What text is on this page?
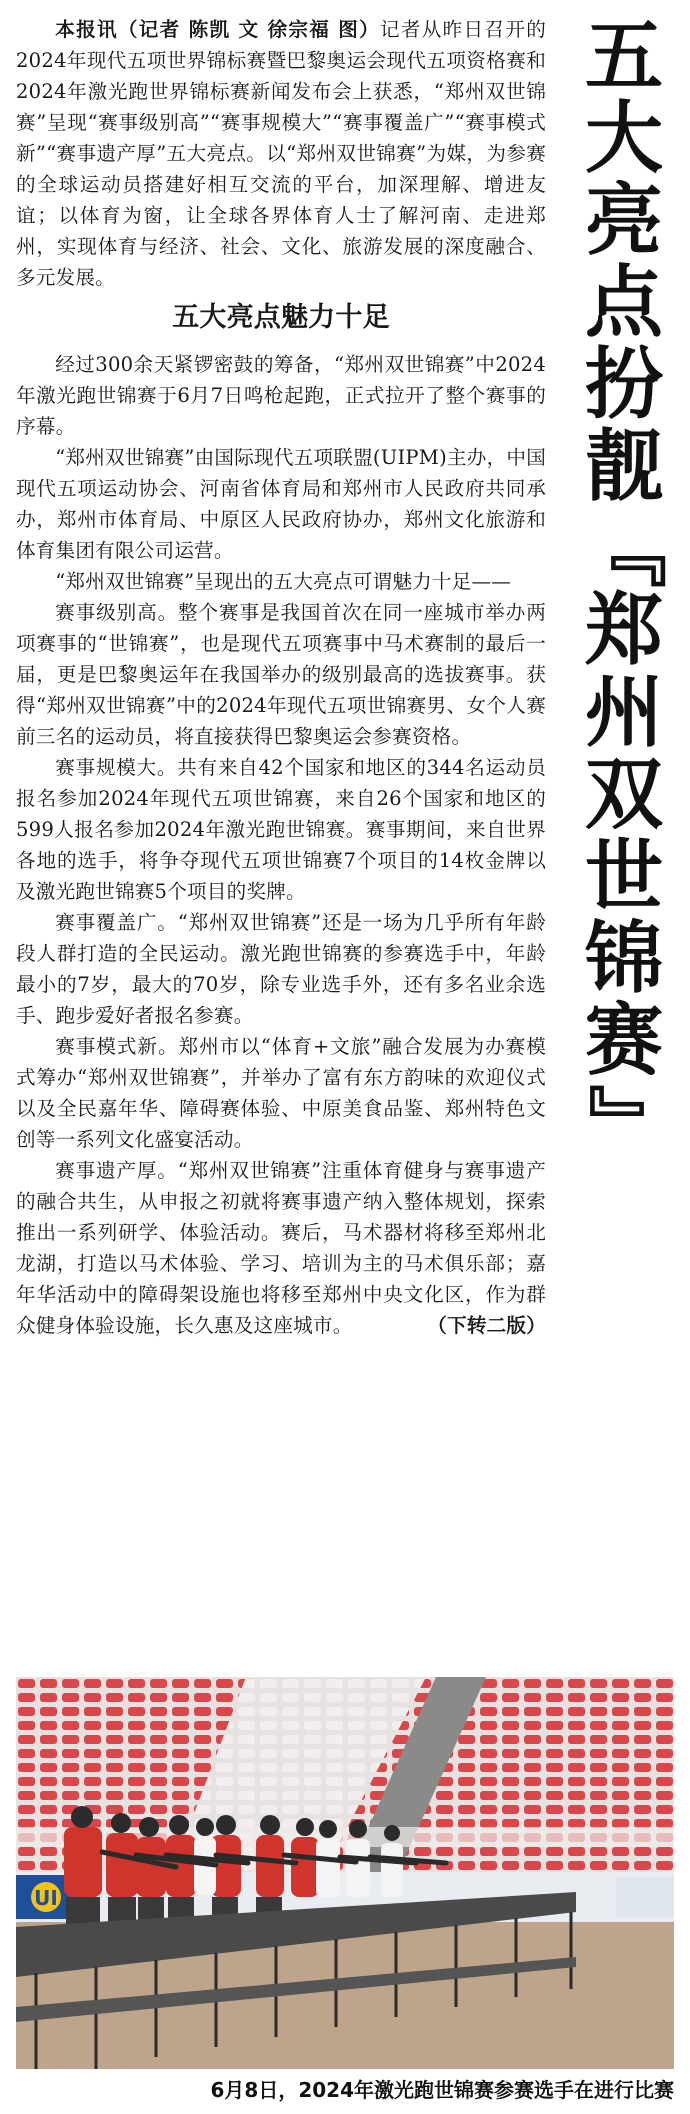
本报讯（记者 陈凯 文 徐宗福 图）记者从昨日召开的2024年现代五项世界锦标赛暨巴黎奥运会现代五项资格赛和2024年激光跑世界锦标赛新闻发布会上获悉，“郑州双世锦赛”呈现“赛事级别高”“赛事规模大”“赛事覆盖广”“赛事模式新”“赛事遗产厚”五大亮点。以“郑州双世锦赛”为媒，为参赛的全球运动员搭建好相互交流的平台，加深理解、增进友谊；以体育为窗，让全球各界体育人士了解河南、走进郑州，实现体育与经济、社会、文化、旅游发展的深度融合、多元发展。

五大亮点魅力十足

经过300余天紧锣密鼓的筹备，“郑州双世锦赛”中2024年激光跑世锦赛于6月7日鸣枪起跑，正式拉开了整个赛事的序幕。

“郑州双世锦赛”由国际现代五项联盟(UIPM)主办，中国现代五项运动协会、河南省体育局和郑州市人民政府共同承办，郑州市体育局、中原区人民政府协办，郑州文化旅游和体育集团有限公司运营。

“郑州双世锦赛”呈现出的五大亮点可谓魅力十足——

赛事级别高。整个赛事是我国首次在同一座城市举办两项赛事的“世锦赛”，也是现代五项赛事中马术赛制的最后一届，更是巴黎奥运年在我国举办的级别最高的选拔赛事。获得“郑州双世锦赛”中的2024年现代五项世锦赛男、女个人赛前三名的运动员，将直接获得巴黎奥运会参赛资格。

赛事规模大。共有来自42个国家和地区的344名运动员报名参加2024年现代五项世锦赛，来自26个国家和地区的599人报名参加2024年激光跑世锦赛。赛事期间，来自世界各地的选手，将争夺现代五项世锦赛7个项目的14枚金牌以及激光跑世锦赛5个项目的奖牌。

赛事覆盖广。“郑州双世锦赛”还是一场为几乎所有年龄段人群打造的全民运动。激光跑世锦赛的参赛选手中，年龄最小的7岁，最大的70岁，除专业选手外，还有多名业余选手、跑步爱好者报名参赛。

赛事模式新。郑州市以“体育+文旅”融合发展为办赛模式筹办“郑州双世锦赛”，并举办了富有东方韵味的欢迎仪式以及全民嘉年华、障碍赛体验、中原美食品鉴、郑州特色文创等一系列文化盛宴活动。

赛事遗产厚。“郑州双世锦赛”注重体育健身与赛事遗产的融合共生，从申报之初就将赛事遗产纳入整体规划，探索推出一系列研学、体验活动。赛后，马术器材将移至郑州北龙湖，打造以马术体验、学习、培训为主的马术俱乐部；嘉年华活动中的障碍架设施也将移至郑州中央文化区，作为群众健身体验设施，长久惠及这座城市。	（下转二版）

五
大
亮
点
扮
靓
『
郑
州
双
世
锦
赛
』
UI
6月8日，2024年激光跑世锦赛参赛选手在进行比赛
